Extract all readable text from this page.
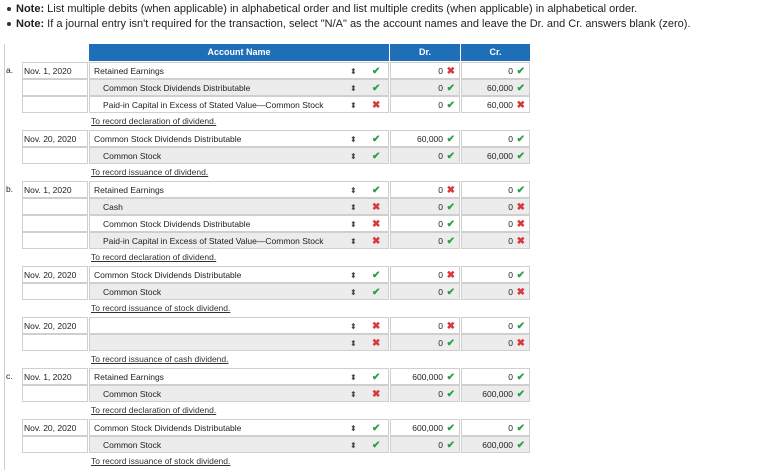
Note: List multiple debits (when applicable) in alphabetical order and list multiple credits (when applicable) in alphabetical order.
Note: If a journal entry isn't required for the transaction, select "N/A" as the account names and leave the Dr. and Cr. answers blank (zero).
Account Name	Dr.	Cr.
a. Nov. 1, 2020	Retained Earnings	⬍ ✔	0 ✖	0 ✔
Common Stock Dividends Distributable	⬍ ✔	0 ✔	60,000 ✔
Paid-in Capital in Excess of Stated Value—Common Stock	⬍ ✖	0 ✔	60,000 ✖
To record declaration of dividend.
Nov. 20, 2020	Common Stock Dividends Distributable	⬍ ✔	60,000 ✔	0 ✔
Common Stock	⬍ ✔	0 ✔	60,000 ✔
To record issuance of dividend.
b. Nov. 1, 2020	Retained Earnings	⬍ ✔	0 ✖	0 ✔
Cash	⬍ ✖	0 ✔	0 ✖
Common Stock Dividends Distributable	⬍ ✖	0 ✔	0 ✖
Paid-in Capital in Excess of Stated Value—Common Stock	⬍ ✖	0 ✔	0 ✖
To record declaration of dividend.
Nov. 20, 2020	Common Stock Dividends Distributable	⬍ ✔	0 ✖	0 ✔
Common Stock	⬍ ✔	0 ✔	0 ✖
To record issuance of stock dividend.
Nov. 20, 2020	⬍ ✖	0 ✖	0 ✔
⬍ ✖	0 ✔	0 ✖
To record issuance of cash dividend.
c. Nov. 1, 2020	Retained Earnings	⬍ ✔	600,000 ✔	0 ✔
Common Stock	⬍ ✖	0 ✔	600,000 ✔
To record declaration of dividend.
Nov. 20, 2020	Common Stock Dividends Distributable	⬍ ✔	600,000 ✔	0 ✔
Common Stock	⬍ ✔	0 ✔	600,000 ✔
To record issuance of stock dividend.
